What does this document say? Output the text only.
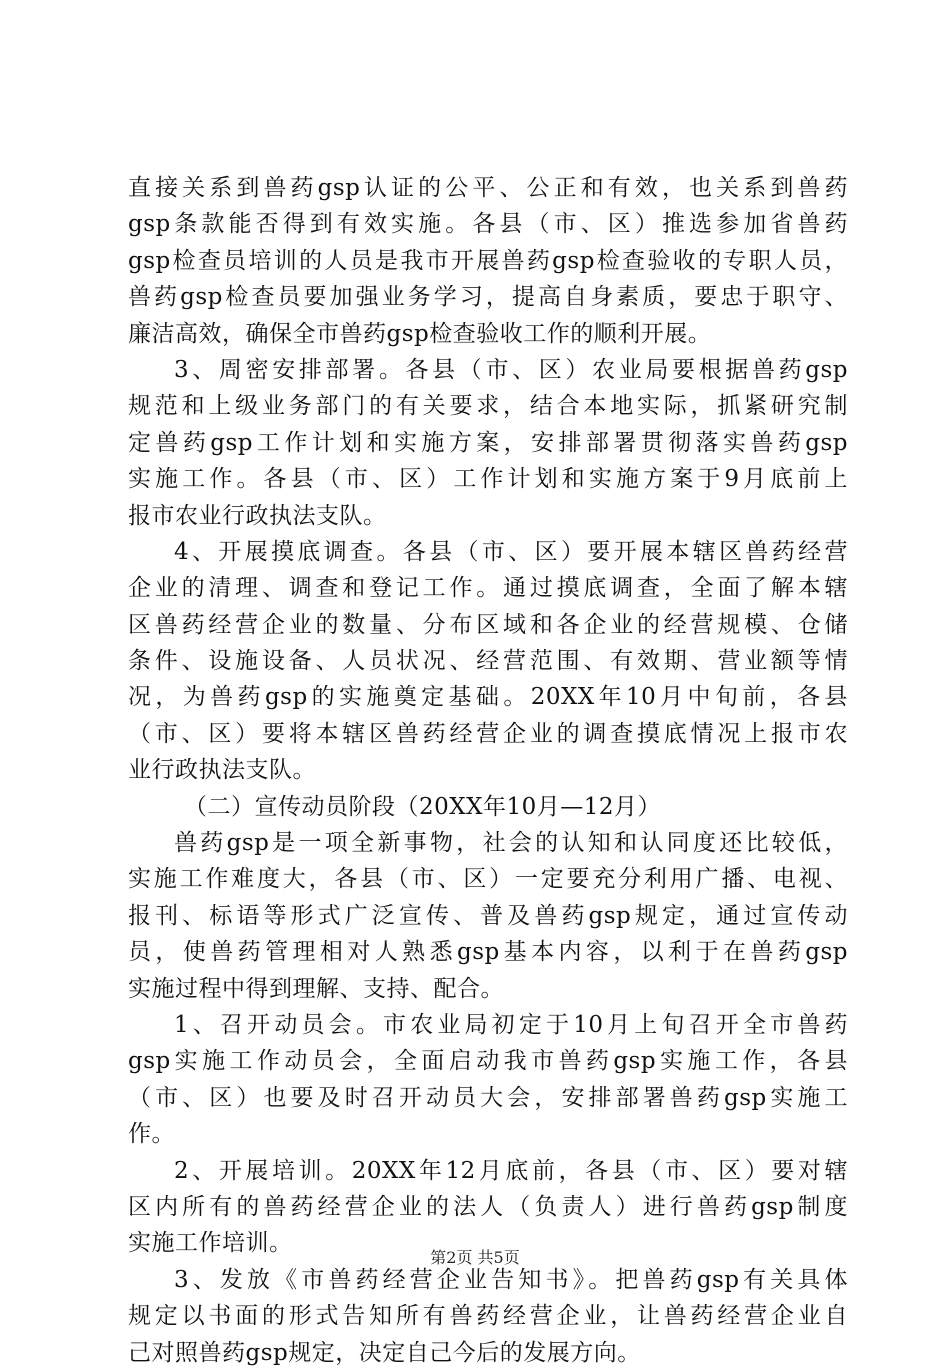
直接关系到兽药gsp认证的公平、公正和有效，也关系到兽药
gsp条款能否得到有效实施。各县（市、区）推选参加省兽药
gsp检查员培训的人员是我市开展兽药gsp检查验收的专职人员，
兽药gsp检查员要加强业务学习，提高自身素质，要忠于职守、
廉洁高效，确保全市兽药gsp检查验收工作的顺利开展。
3、周密安排部署。各县（市、区）农业局要根据兽药gsp
规范和上级业务部门的有关要求，结合本地实际，抓紧研究制
定兽药gsp工作计划和实施方案，安排部署贯彻落实兽药gsp
实施工作。各县（市、区）工作计划和实施方案于9月底前上
报市农业行政执法支队。
4、开展摸底调查。各县（市、区）要开展本辖区兽药经营
企业的清理、调查和登记工作。通过摸底调查，全面了解本辖
区兽药经营企业的数量、分布区域和各企业的经营规模、仓储
条件、设施设备、人员状况、经营范围、有效期、营业额等情
况，为兽药gsp的实施奠定基础。20XX年10月中旬前，各县
（市、区）要将本辖区兽药经营企业的调查摸底情况上报市农
业行政执法支队。
（二）宣传动员阶段（20XX年10月—12月）
兽药gsp是一项全新事物，社会的认知和认同度还比较低，
实施工作难度大，各县（市、区）一定要充分利用广播、电视、
报刊、标语等形式广泛宣传、普及兽药gsp规定，通过宣传动
员，使兽药管理相对人熟悉gsp基本内容，以利于在兽药gsp
实施过程中得到理解、支持、配合。
1、召开动员会。市农业局初定于10月上旬召开全市兽药
gsp实施工作动员会，全面启动我市兽药gsp实施工作，各县
（市、区）也要及时召开动员大会，安排部署兽药gsp实施工
作。
2、开展培训。20XX年12月底前，各县（市、区）要对辖
区内所有的兽药经营企业的法人（负责人）进行兽药gsp制度
实施工作培训。
3、发放《市兽药经营企业告知书》。把兽药gsp有关具体
规定以书面的形式告知所有兽药经营企业，让兽药经营企业自
己对照兽药gsp规定，决定自己今后的发展方向。
第2页 共5页
